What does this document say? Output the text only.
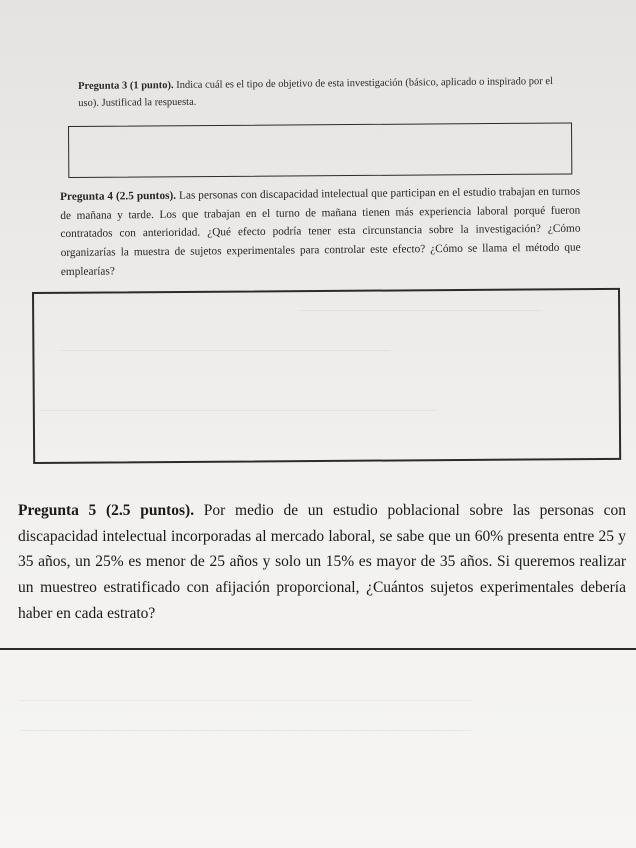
____________________________________________
____________________________________________________________
________________________________________________________________________
__________________________________________________________________________________
__________________________________________________________________________________
Pregunta 3 (1 punto). Indica cuál es el tipo de objetivo de esta investigación (básico, aplicado o inspirado por el uso). Justificad la respuesta.
Pregunta 4 (2.5 puntos). Las personas con discapacidad intelectual que participan en el estudio trabajan en turnos de mañana y tarde. Los que trabajan en el turno de mañana tienen más experiencia laboral porqué fueron contratados con anterioridad. ¿Qué efecto podría tener esta circunstancia sobre la investigación? ¿Cómo organizarías la muestra de sujetos experimentales para controlar este efecto? ¿Cómo se llama el método que emplearías?
Pregunta 5 (2.5 puntos). Por medio de un estudio poblacional sobre las personas con discapacidad intelectual incorporadas al mercado laboral, se sabe que un 60% presenta entre 25 y 35 años, un 25% es menor de 25 años y solo un 15% es mayor de 35 años. Si queremos realizar un muestreo estratificado con afijación proporcional, ¿Cuántos sujetos experimentales debería haber en cada estrato?
